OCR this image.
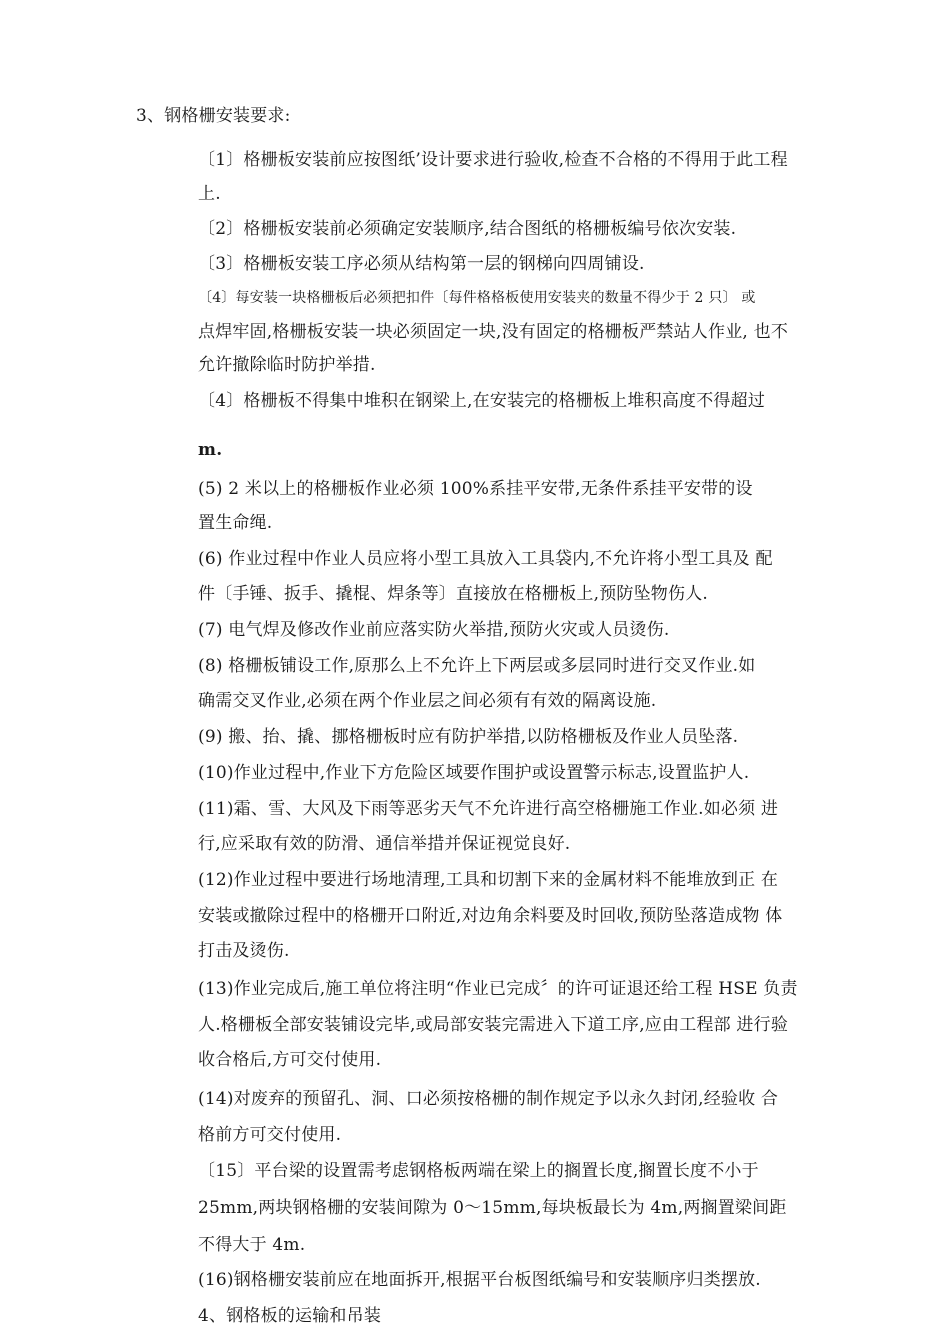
3、钢格栅安装要求:
〔1〕格栅板安装前应按图纸’设计要求进行验收,检查不合格的不得用于此工程
上.
〔2〕格栅板安装前必须确定安装顺序,结合图纸的格栅板编号依次安装.
〔3〕格栅板安装工序必须从结构第一层的钢梯向四周铺设.
〔4〕每安装一块格栅板后必须把扣件〔每件格格板使用安装夹的数量不得少于 2 只〕 或
点焊牢固,格栅板安装一块必须固定一块,没有固定的格栅板严禁站人作业, 也不
允许撤除临时防护举措.
〔4〕格栅板不得集中堆积在钢梁上,在安装完的格栅板上堆积高度不得超过
m.
(5) 2 米以上的格栅板作业必须 100%系挂平安带,无条件系挂平安带的设
置生命绳.
(6) 作业过程中作业人员应将小型工具放入工具袋内,不允许将小型工具及 配
件〔手锤、扳手、撬棍、焊条等〕直接放在格栅板上,预防坠物伤人.
(7) 电气焊及修改作业前应落实防火举措,预防火灾或人员烫伤.
(8) 格栅板铺设工作,原那么上不允许上下两层或多层同时进行交叉作业.如
确需交叉作业,必须在两个作业层之间必须有有效的隔离设施.
(9) 搬、抬、撬、挪格栅板时应有防护举措,以防格栅板及作业人员坠落.
(10)作业过程中,作业下方危险区域要作围护或设置警示标志,设置监护人.
(11)霜、雪、大风及下雨等恶劣天气不允许进行高空格栅施工作业.如必须 进
行,应采取有效的防滑、通信举措并保证视觉良好.
(12)作业过程中要进行场地清理,工具和切割下来的金属材料不能堆放到正 在
安装或撤除过程中的格栅开口附近,对边角余料要及时回收,预防坠落造成物 体
打击及烫伤.
(13)作业完成后,施工单位将注明“作业已完成〞的许可证退还给工程 HSE 负责
人.格栅板全部安装铺设完毕,或局部安装完需进入下道工序,应由工程部 进行验
收合格后,方可交付使用.
(14)对废弃的预留孔、洞、口必须按格栅的制作规定予以永久封闭,经验收 合
格前方可交付使用.
〔15〕平台梁的设置需考虑钢格板两端在梁上的搁置长度,搁置长度不小于
25mm,两块钢格栅的安装间隙为 0〜15mm,每块板最长为 4m,两搁置梁间距
不得大于 4m.
(16)钢格栅安装前应在地面拆开,根据平台板图纸编号和安装顺序归类摆放.
4、钢格板的运输和吊装
